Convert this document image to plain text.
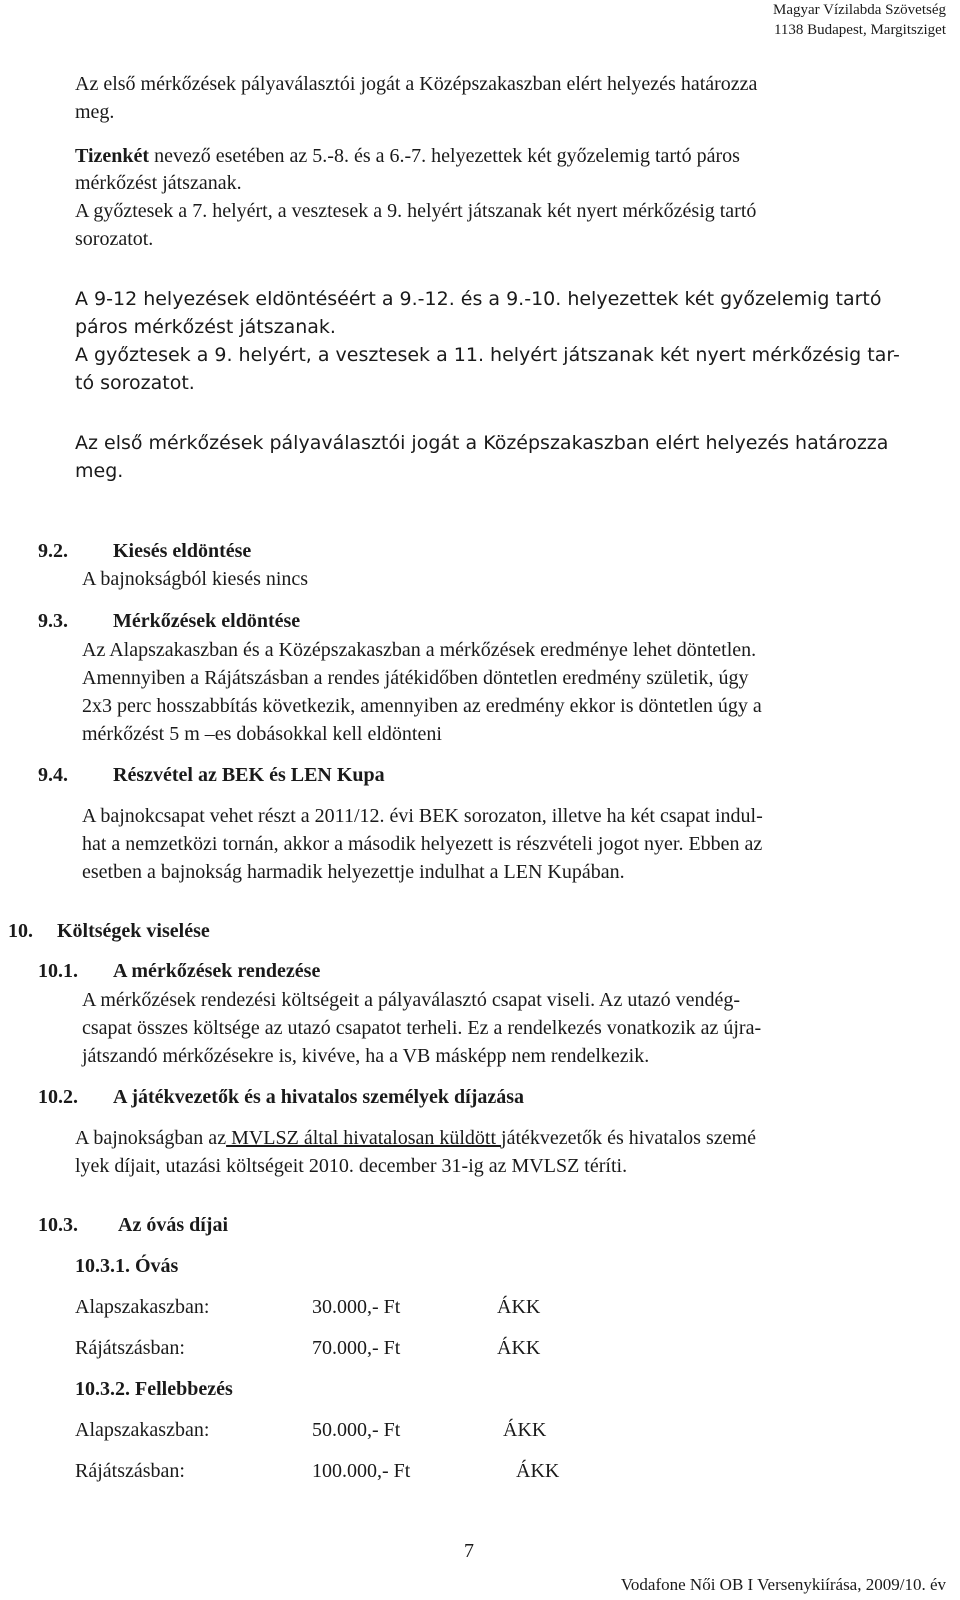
Magyar Vízilabda Szövetség
1138 Budapest, Margitsziget
Az első mérkőzések pályaválasztói jogát a Középszakaszban elért helyezés határozza
meg.
Tizenkét nevező esetében az 5.-8. és a 6.-7. helyezettek két győzelemig tartó páros
mérkőzést játszanak.
A győztesek a 7. helyért, a vesztesek a 9. helyért játszanak két nyert mérkőzésig tartó
sorozatot.
A 9-12 helyezések eldöntéséért a 9.-12. és a 9.-10. helyezettek két győzelemig tartó
páros mérkőzést játszanak.
A győztesek a 9. helyért, a vesztesek a 11. helyért játszanak két nyert mérkőzésig tar-
tó sorozatot.
Az első mérkőzések pályaválasztói jogát a Középszakaszban elért helyezés határozza
meg.
9.2. Kiesés eldöntése
A bajnokságból kiesés nincs
9.3. Mérkőzések eldöntése
Az Alapszakaszban és a Középszakaszban a mérkőzések eredménye lehet döntetlen.
Amennyiben a Rájátszásban a rendes játékidőben döntetlen eredmény születik, úgy
2x3 perc hosszabbítás következik, amennyiben az eredmény ekkor is döntetlen úgy a
mérkőzést 5 m –es dobásokkal kell eldönteni
9.4. Részvétel az BEK és LEN Kupa
A bajnokcsapat vehet részt a 2011/12. évi BEK sorozaton, illetve ha két csapat indul-
hat a nemzetközi tornán, akkor a második helyezett is részvételi jogot nyer. Ebben az
esetben a bajnokság harmadik helyezettje indulhat a LEN Kupában.
10. Költségek viselése
10.1. A mérkőzések rendezése
A mérkőzések rendezési költségeit a pályaválasztó csapat viseli. Az utazó vendég-
csapat összes költsége az utazó csapatot terheli. Ez a rendelkezés vonatkozik az újra-
játszandó mérkőzésekre is, kivéve, ha a VB másképp nem rendelkezik.
10.2. A játékvezetők és a hivatalos személyek díjazása
A bajnokságban az MVLSZ által hivatalosan küldött játékvezetők és hivatalos szemé
lyek díjait, utazási költségeit 2010. december 31-ig az MVLSZ téríti.
10.3. Az óvás díjai
10.3.1. Óvás
Alapszakaszban:	30.000,- Ft	ÁKK
Rájátszásban:	70.000,- Ft	ÁKK
10.3.2. Fellebbezés
Alapszakaszban:	50.000,- Ft	ÁKK
Rájátszásban:	100.000,- Ft	ÁKK
7
Vodafone Női OB I Versenykiírása, 2009/10. év
